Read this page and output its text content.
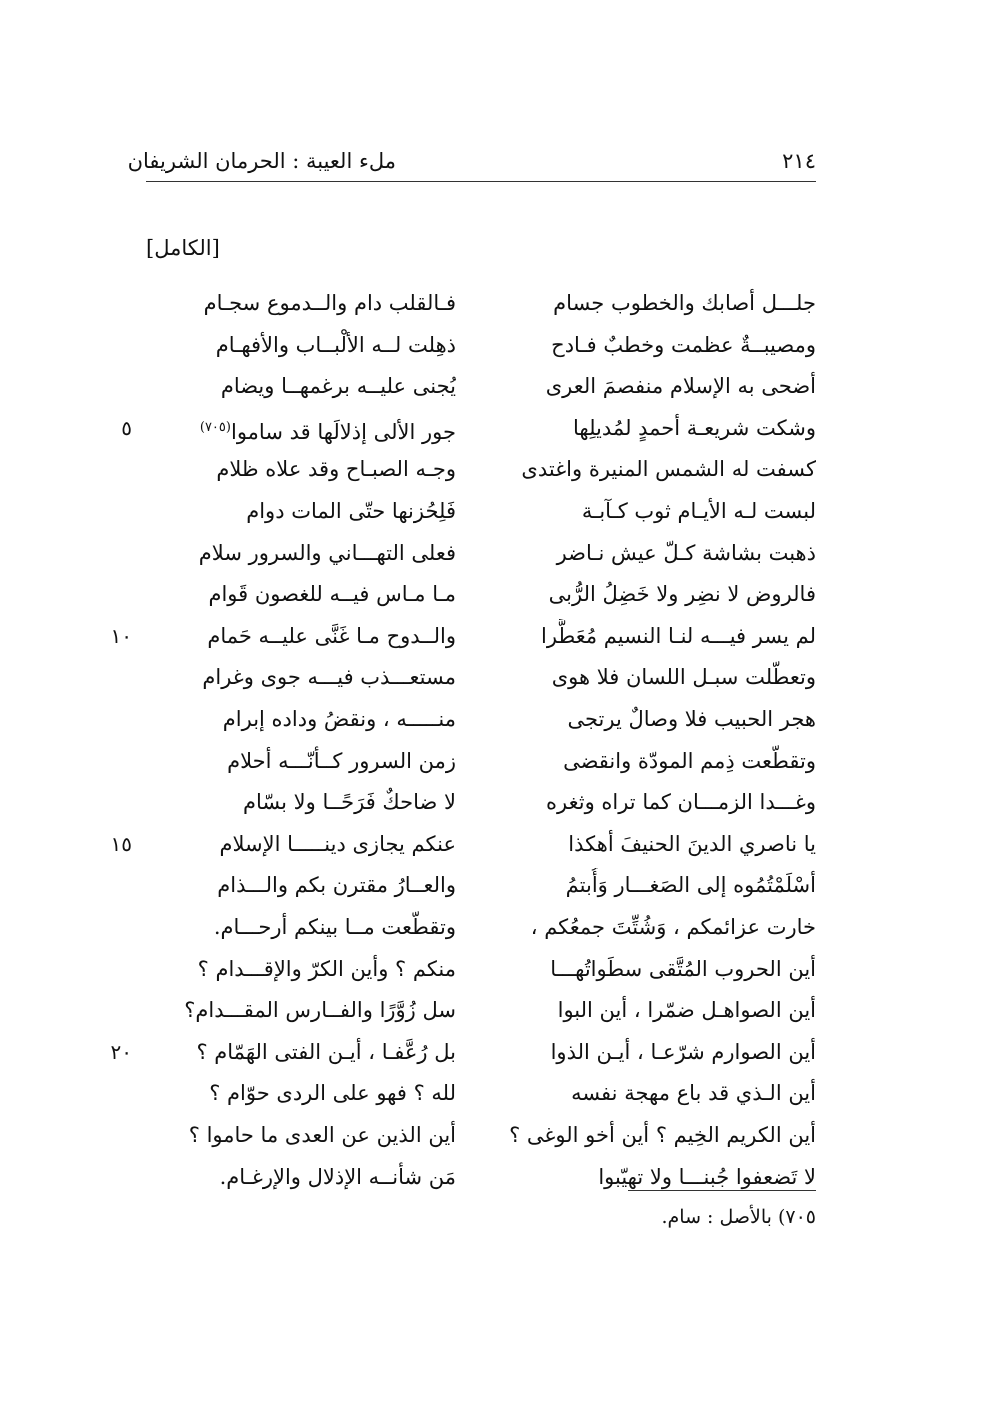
٢١٤
ملء العيبة : الحرمان الشريفان
[الكامل]
جلـــل أصابك والخطوب جسام
فـالقلب دام والــدموع سجـام
ومصيبــةٌ عظمت وخطبٌ فـادح
ذهِلت لــه الألْبــاب والأفهـام
أضحى به الإسلام منفصمَ العرى
يُجنى عليــه برغمهــا ويضام
وشكت شريعـة أحمدٍ لمُديلِها
جور الألى إذلالَها قد ساموا$^{(٧٠٥)}$
٥
كسفت له الشمس المنيرة واغتدى
وجـه الصبـاح وقد علاه ظلام
لبست لـه الأيـام ثوب كـآبـة
فَلِحُزنها حتّى المات دوام
ذهبت بشاشة كـلّ عيش نـاضر
فعلى التهـــاني والسرور سلام
فالروض لا نضِر ولا خَضِلُ الرُّبى
مـا مـاس فيــه للغصون قَوام
لم يسر فيـــه لنـا النسيم مُعَطَّرا
والــدوح مـا غَنَّى عليــه حَمام
١٠
وتعطّلت سبـل اللسان فلا هوى
مستعـــذب فيـــه جوى وغرام
هجر الحبيب فلا وصالٌ يرتجى
منـــــه ، ونقضُ وداده إبرام
وتقطّعت ذِمم المودّة وانقضى
زمن السرور كــأنّـــه أحلام
وغـــدا الزمـــان كما تراه وثغره
لا ضاحكٌ فَرَحًــا ولا بسّام
يا ناصري الدينَ الحنيفَ أهكذا
عنكم يجازى دينـــــا الإسلام
١٥
أسْلَمْتُمُوه إلى الصَغـــار وَأُبتمُ
والعــارُ مقترن بكم والـــذام
خارت عزائمكم ، وَشُتِّتَ جمعُكم ،
وتقطّعت مــا بينكم أرحـــام.
أين الحروب المُتَّقى سطَواتُهـــا
منكم ؟ وأين الكرّ والإقـــدام ؟
أين الصواهـل ضمّرا ، أين البوا
سل زُوَّرًا والفــارس المقـــدام؟
أين الصوارم شرّعـا ، أيـن الذوا
بل رُعَّفـا ، أيـن الفتى الهَمّام ؟
٢٠
أين الـذي قد باع مهجة نفسه
لله ؟ فهو على الردى حوّام ؟
أين الكريم الخِيم ؟ أين أخو الوغى ؟
أين الذين عن العدى ما حاموا ؟
لا تَضعفوا جُبنـــا ولا تهيّبوا
مَن شأنــه الإذلال والإرغـام.
٧٠٥) بالأصل : سام.
